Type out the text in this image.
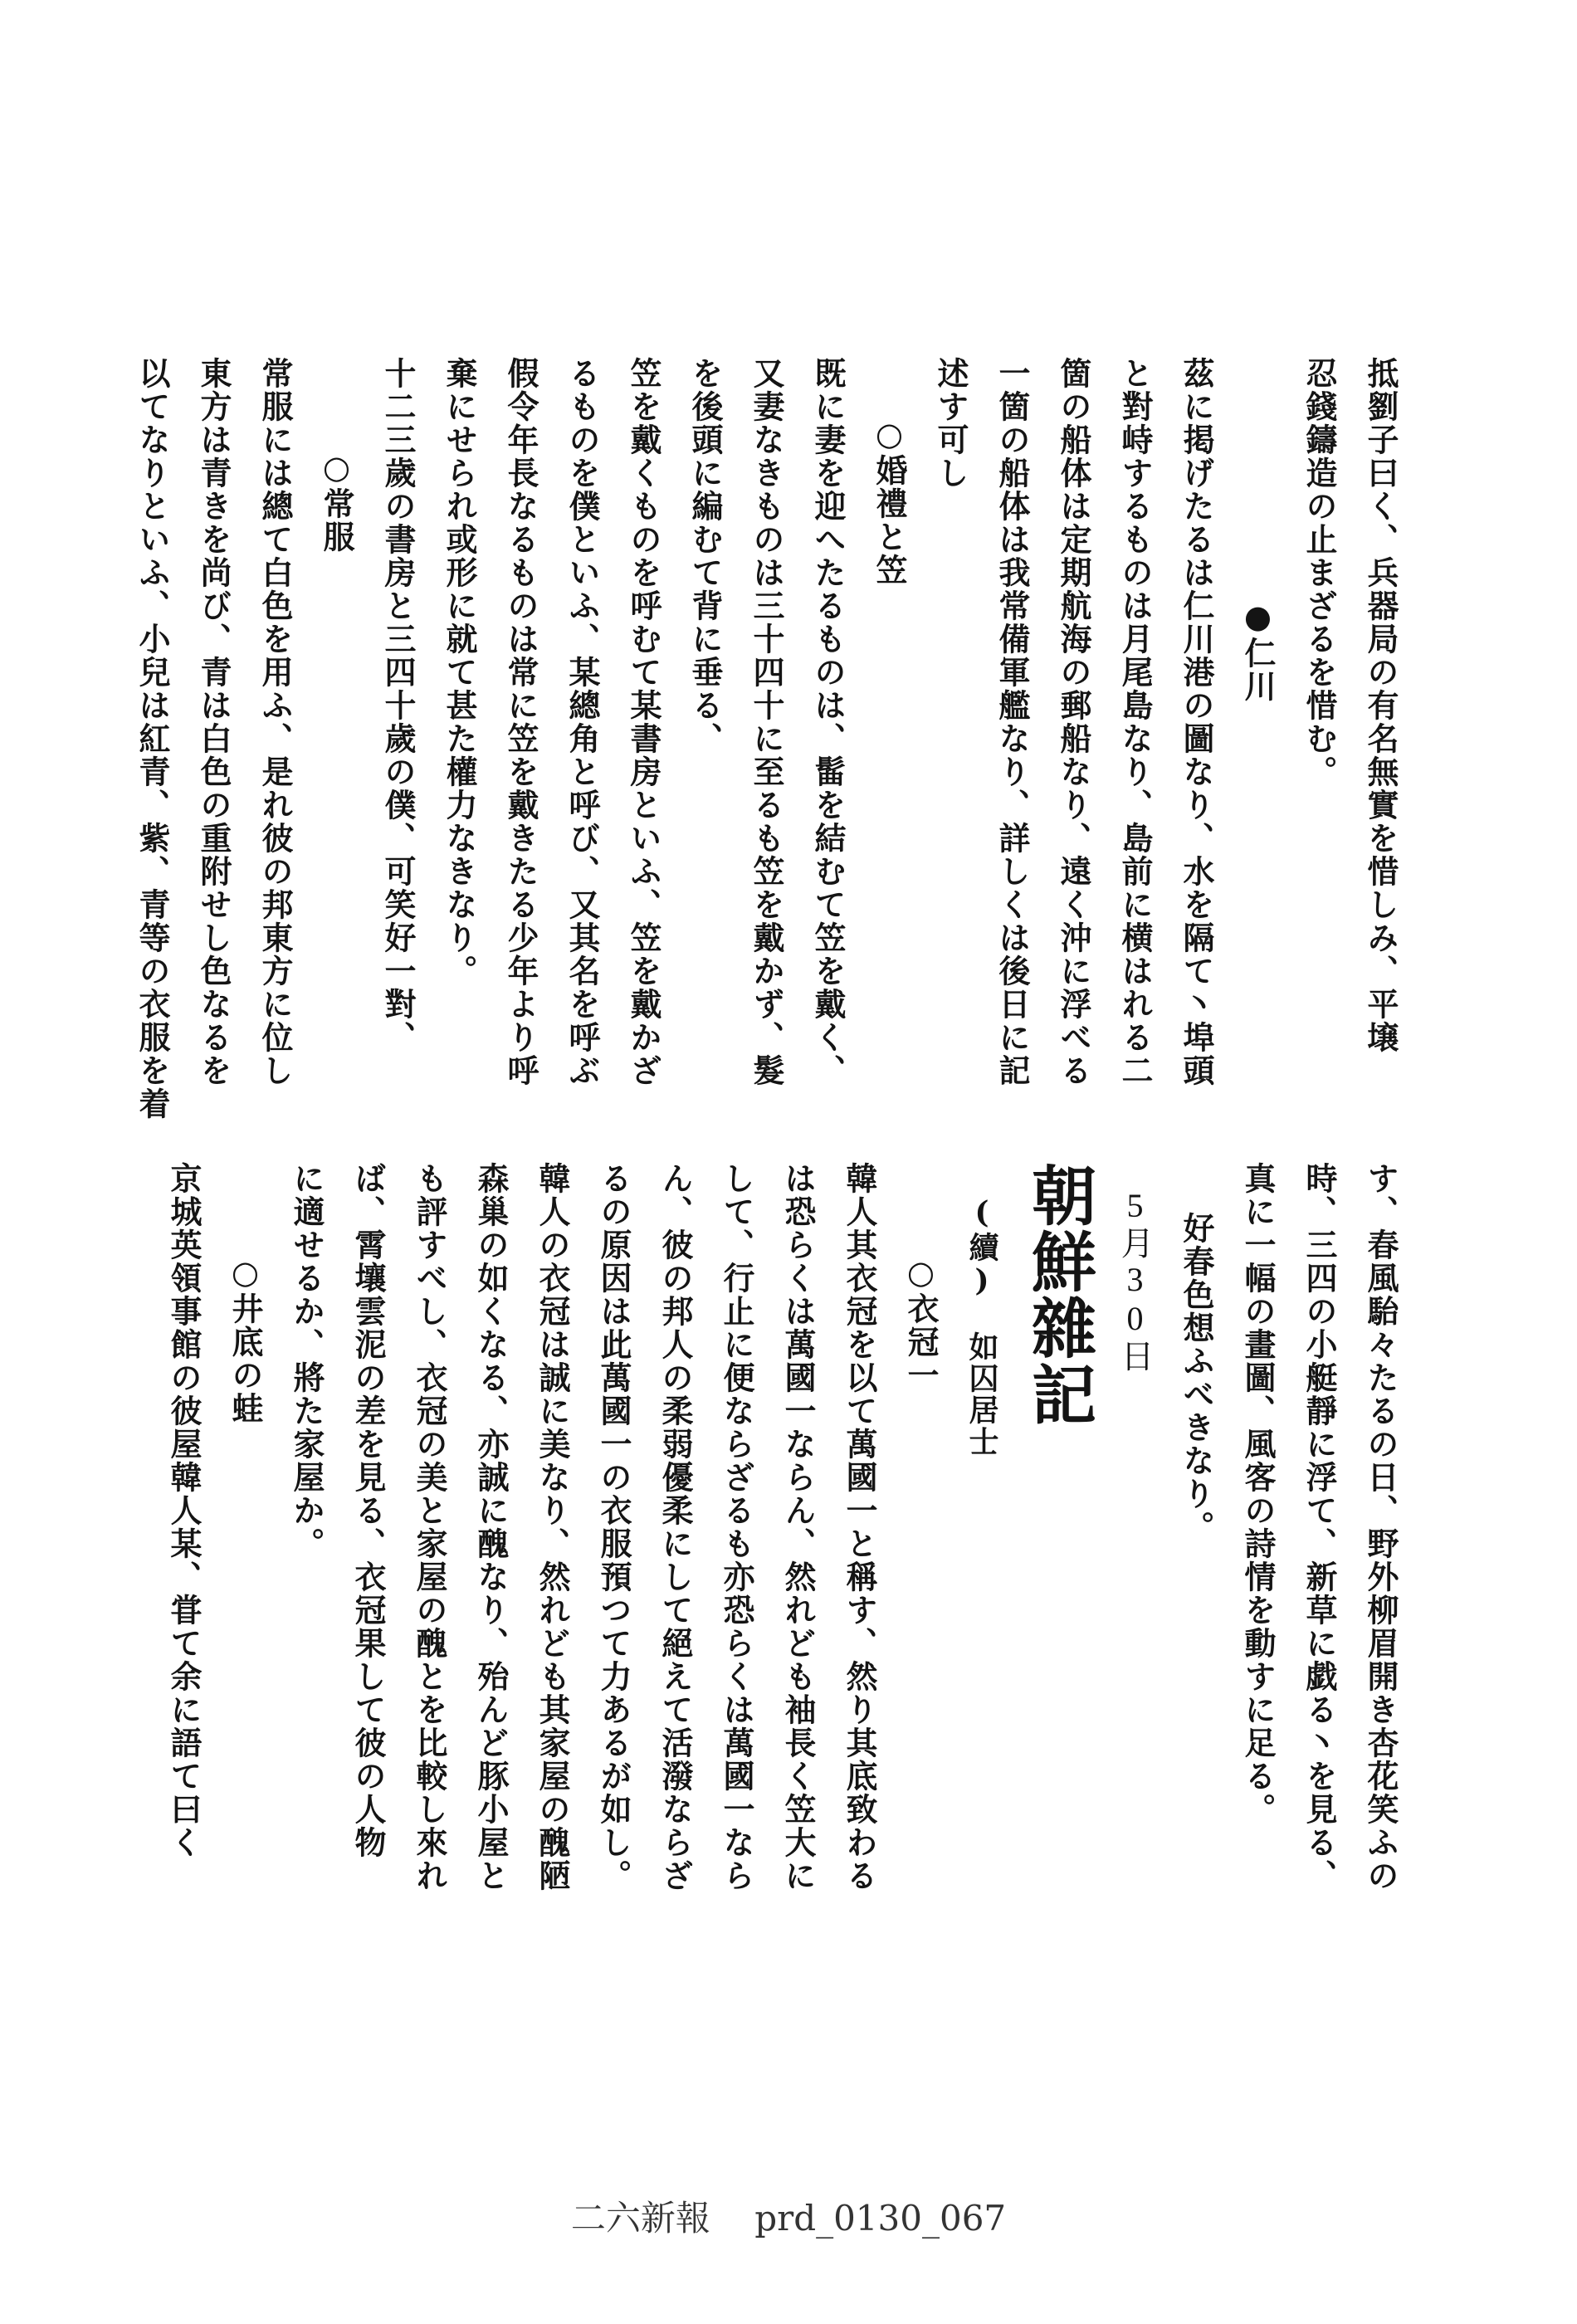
抵劉子曰く、兵器局の有名無實を惜しみ、平壌
忍錢鑄造の止まざるを惜む。
●仁川
茲に掲げたるは仁川港の圖なり、水を隔て丶埠頭
と對峙するものは月尾島なり、島前に横はれる二
箇の船体は定期航海の郵船なり、遠く沖に浮べる
一箇の船体は我常備軍艦なり、詳しくは後日に記
述す可し
○婚禮と笠
既に妻を迎へたるものは、髷を結むて笠を戴く、
又妻なきものは三十四十に至るも笠を戴かず、髮
を後頭に編むて背に垂る、
笠を戴くものを呼むて某書房といふ、笠を戴かざ
るものを僕といふ、某總角と呼び、又其名を呼ぶ
假令年長なるものは常に笠を戴きたる少年より呼
棄にせられ或形に就て甚た權力なきなり。
十二三歲の書房と三四十歲の僕、可笑好一對、
○常服
常服には總て白色を用ふ、是れ彼の邦東方に位し
東方は青きを尚び、青は白色の重附せし色なるを
以てなりといふ、小兒は紅青、紫、青等の衣服を着
す、春風駘々たるの日、野外柳眉開き杏花笑ふの
時、三四の小艇靜に浮て、新草に戯る丶を見る、
真に一幅の畫圖、風客の詩情を動すに足る。
好春色想ふべきなり。
5月30日
朝鮮雜記
(續)　如囚居士
○衣冠一
韓人其衣冠を以て萬國一と稱す、然り其底致わる
は恐らくは萬國一ならん、然れども袖長く笠大に
して、行止に便ならざるも亦恐らくは萬國一なら
ん、彼の邦人の柔弱優柔にして絕えて活潑ならざ
るの原因は此萬國一の衣服預つて力あるが如し。
韓人の衣冠は誠に美なり、然れども其家屋の醜陋
森巢の如くなる、亦誠に醜なり、殆んど豚小屋と
も評すべし、衣冠の美と家屋の醜とを比較し來れ
ば、霄壤雲泥の差を見る、衣冠果して彼の人物
に適せるか、將た家屋か。
○井底の蛙
京城英領事館の彼屋韓人某、甞て余に語て曰く
二六新報 prd_0130_067
